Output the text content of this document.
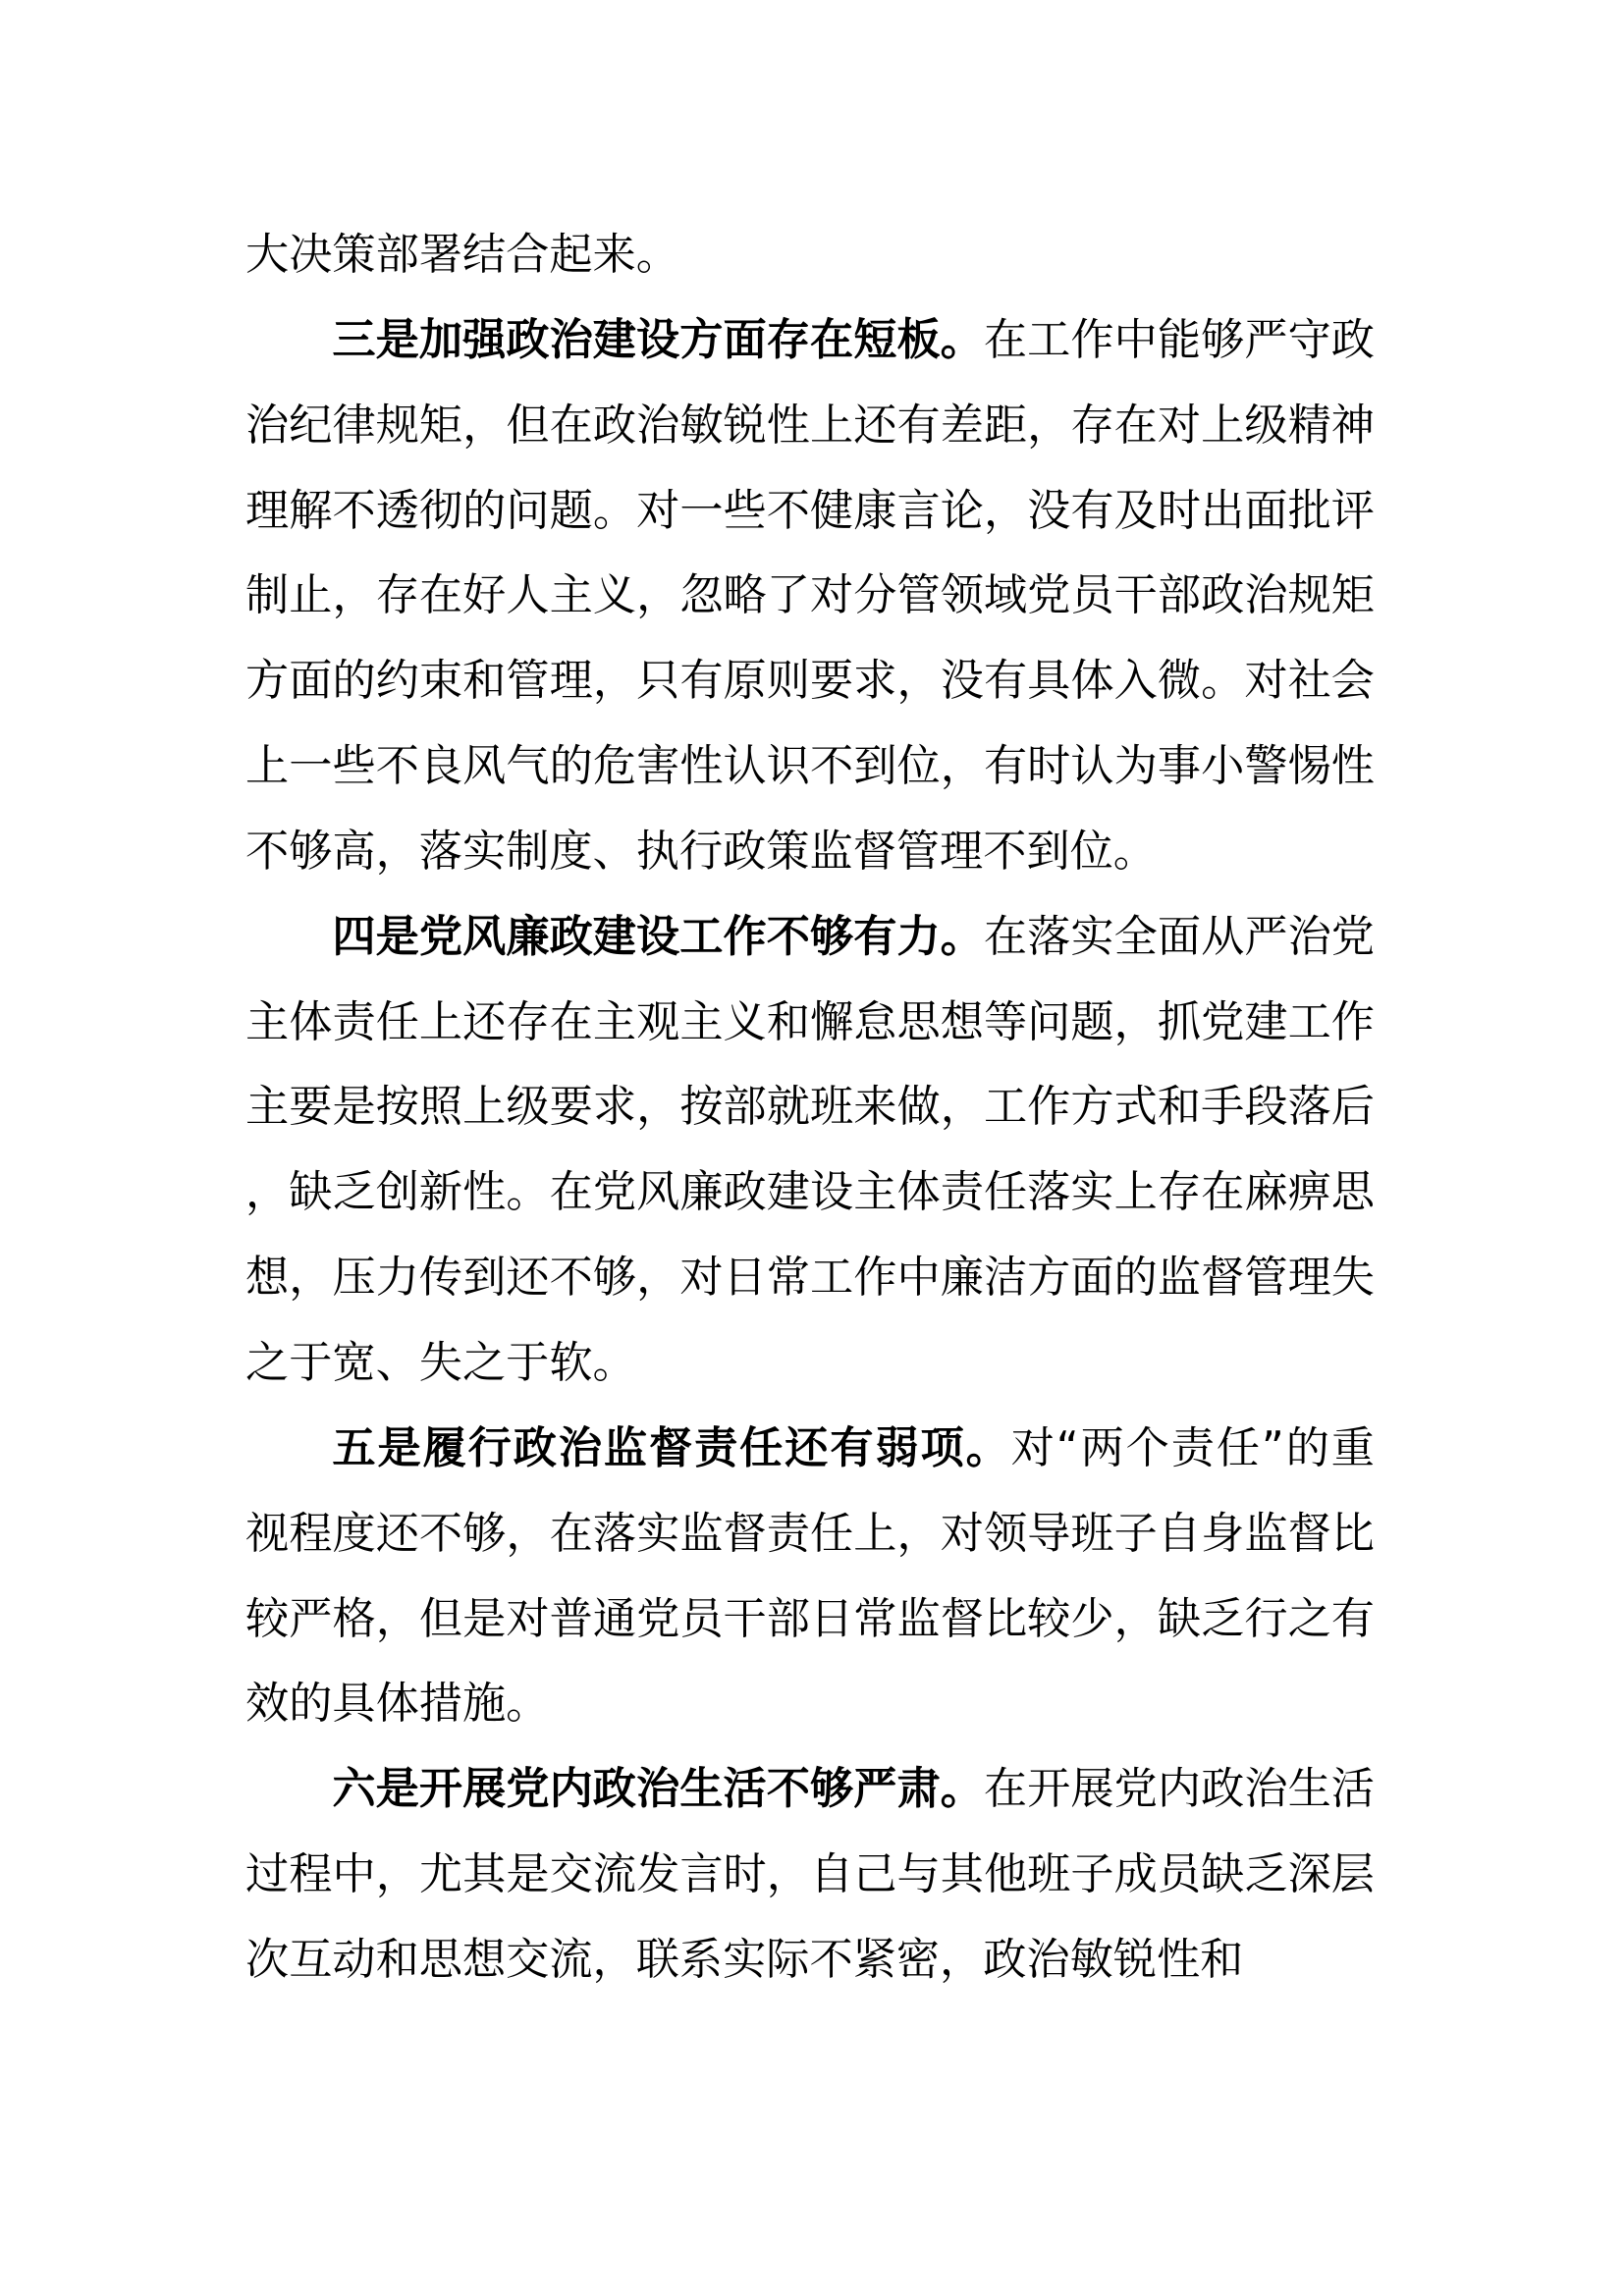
大决策部署结合起来。

三是加强政治建设方面存在短板。在工作中能够严守政治纪律规矩，但在政治敏锐性上还有差距，存在对上级精神理解不透彻的问题。对一些不健康言论，没有及时出面批评制止，存在好人主义，忽略了对分管领域党员干部政治规矩方面的约束和管理，只有原则要求，没有具体入微。对社会上一些不良风气的危害性认识不到位，有时认为事小警惕性不够高，落实制度、执行政策监督管理不到位。

四是党风廉政建设工作不够有力。在落实全面从严治党主体责任上还存在主观主义和懈怠思想等问题，抓党建工作主要是按照上级要求，按部就班来做，工作方式和手段落后，缺乏创新性。在党风廉政建设主体责任落实上存在麻痹思想，压力传到还不够，对日常工作中廉洁方面的监督管理失之于宽、失之于软。

五是履行政治监督责任还有弱项。对“两个责任”的重视程度还不够，在落实监督责任上，对领导班子自身监督比较严格，但是对普通党员干部日常监督比较少，缺乏行之有效的具体措施。

六是开展党内政治生活不够严肃。在开展党内政治生活过程中，尤其是交流发言时，自己与其他班子成员缺乏深层次互动和思想交流，联系实际不紧密，政治敏锐性和
